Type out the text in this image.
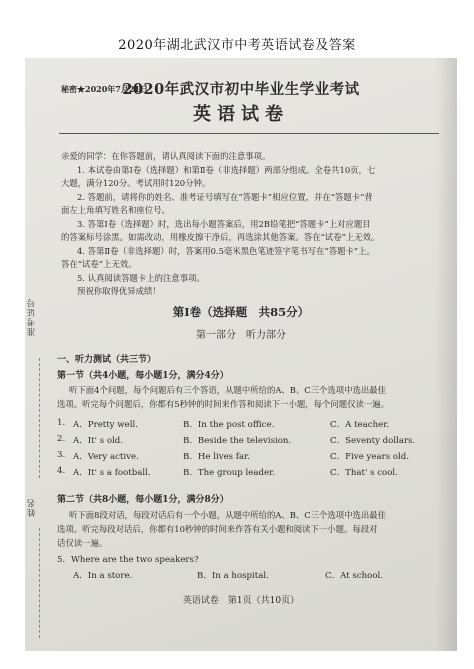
2020年湖北武汉市中考英语试卷及答案
准考证号
姓名
秘密★2020年7月21日
2020年武汉市初中毕业生学业考试
英语试卷
亲爱的同学：在你答题前，请认真阅读下面的注意事项。
1. 本试卷由第Ⅰ卷（选择题）和第Ⅱ卷（非选择题）两部分组成。全卷共10页，七
大题，满分120分。考试用时120分钟。
2. 答题前，请将你的姓名、准考证号填写在“答题卡”相应位置，并在“答题卡”背
面左上角填写姓名和座位号。
3. 答第Ⅰ卷（选择题）时，选出每小题答案后，用2B铅笔把“答题卡”上对应题目
的答案标号涂黑。如需改动，用橡皮擦干净后，再选涂其他答案。答在“试卷”上无效。
4. 答第Ⅱ卷（非选择题）时，答案用0.5毫米黑色笔迹签字笔书写在“答题卡”上。
答在“试卷”上无效。
5. 认真阅读答题卡上的注意事项。
预祝你取得优异成绩！
第Ⅰ卷（选择题　共85分）
第一部分　听力部分
一、听力测试（共三节）
第一节（共4小题，每小题1分，满分4分）
听下面4个问题，每个问题后有三个答语，从题中所给的A、B、C三个选项中选出最佳
选项。听完每个问题后，你都有5秒钟的时间来作答和阅读下一小题，每个问题仅读一遍。
1. A．Pretty well.	B．In the post office.	C．A teacher.
2. A．It' s old.	B．Beside the television.	C．Seventy dollars.
3. A．Very active.	B．He lives far.	C．Five years old.
4. A．It' s a football.	B．The group leader.	C．That' s cool.
第二节（共8小题，每小题1分，满分8分）
听下面8段对话，每段对话后有一个小题，从题中所给的A、B、C三个选项中选出最佳
选项。听完每段对话后，你都有10秒钟的时间来作答有关小题和阅读下一小题。每段对
话仅读一遍。
5．Where are the two speakers?
A．In a store.	B．In a hospital.	C．At school.
英语试卷　第1页（共10页）
